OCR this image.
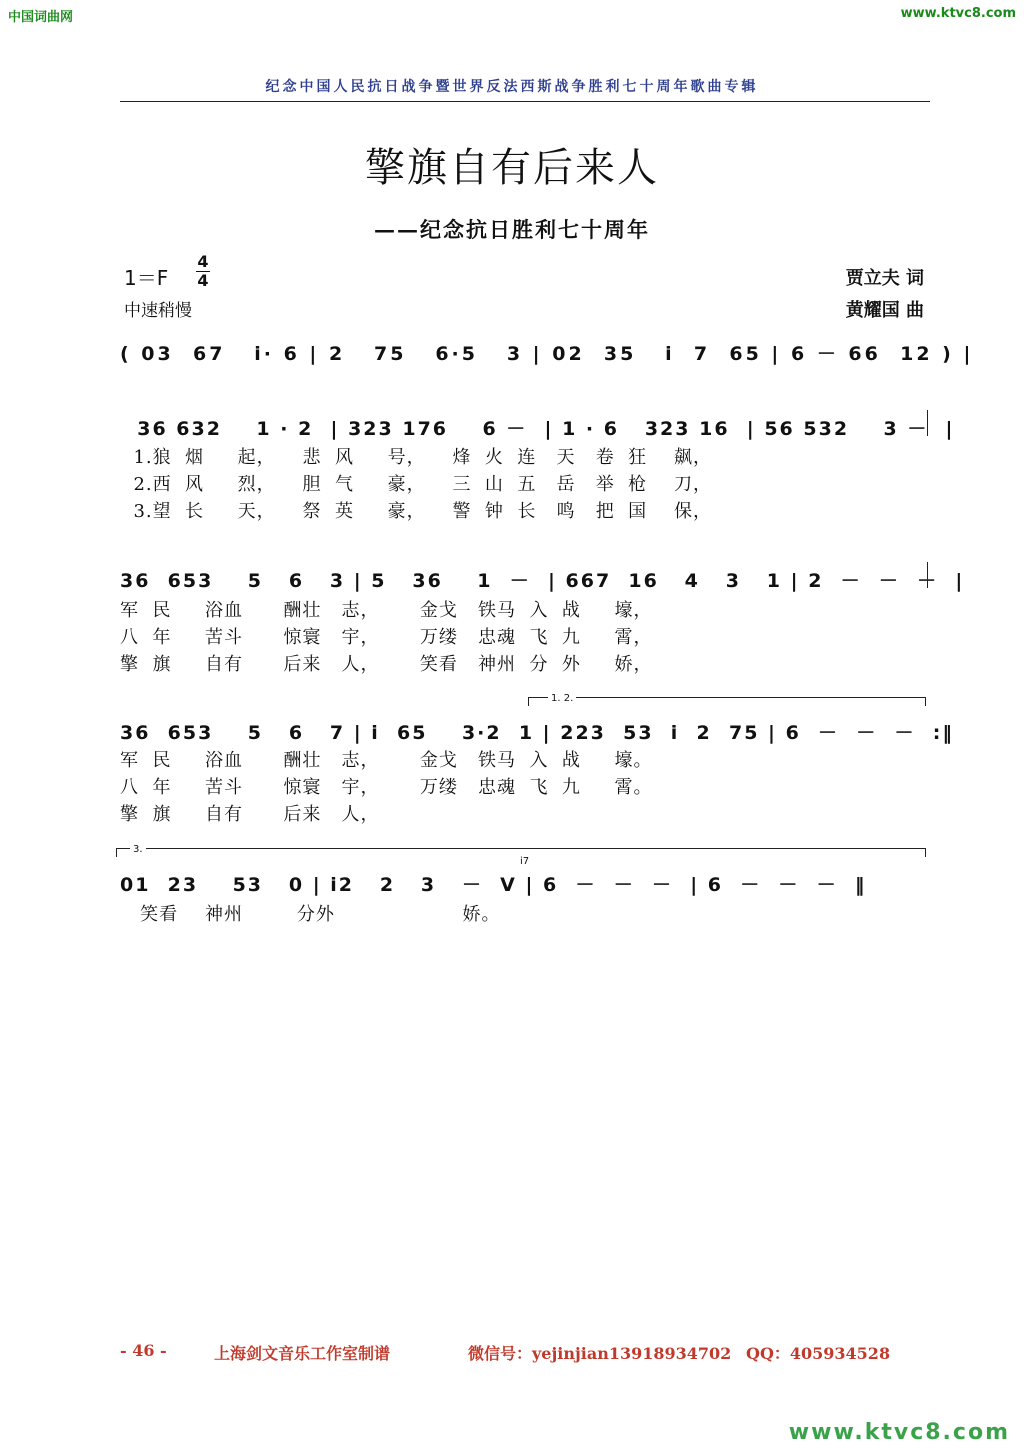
中国词曲网	www.ktvc8.com
纪念中国人民抗日战争暨世界反法西斯战争胜利七十周年歌曲专辑
擎旗自有后来人
——纪念抗日胜利七十周年
1＝F
4
4
中速稍慢
贾立夫 词
黄耀国 曲
( 03  67   i· 6 | 2   75   6·5   3 | 02  35   i  7  65 | 6 － 66  12 ) |
36 632    1 · 2  | 323 176    6 －  | 1 · 6   323 16  | 56 532    3 －  |
1.狼  烟     起，    悲  风     号，    烽  火  连   天   卷  狂    飙，
2.西  风     烈，    胆  气     豪，    三  山  五   岳   举  枪    刀，
3.望  长     天，    祭  英     豪，    警  钟  长   鸣   把  国    保，
36  653    5   6   3 | 5   36    1  －  | 667  16   4   3   1 | 2  －  －  －  |
军  民     浴血      酬壮   志，      金戈   铁马  入  战     壕，
八  年     苦斗      惊寰   宇，      万缕   忠魂  飞  九     霄，
擎  旗     自有      后来   人，      笑看   神州  分  外     娇，
1. 2.
36  653    5   6   7 | i  65    3·2  1 | 223  53  i  2  75 | 6  －  －  －  :‖
军  民     浴血      酬壮   志，      金戈   铁马  入  战     壕。
八  年     苦斗      惊寰   宇，      万缕   忠魂  飞  九     霄。
擎  旗     自有      后来   人，
3.
i7
01  23    53   0 | i2   2   3   －  V | 6  －  －  －  | 6  －  －  －  ‖
笑看    神州        分外                   娇。
- 46 -	上海剑文音乐工作室制谱	微信号：yejinjian13918934702 QQ：405934528
www.ktvc8.com
